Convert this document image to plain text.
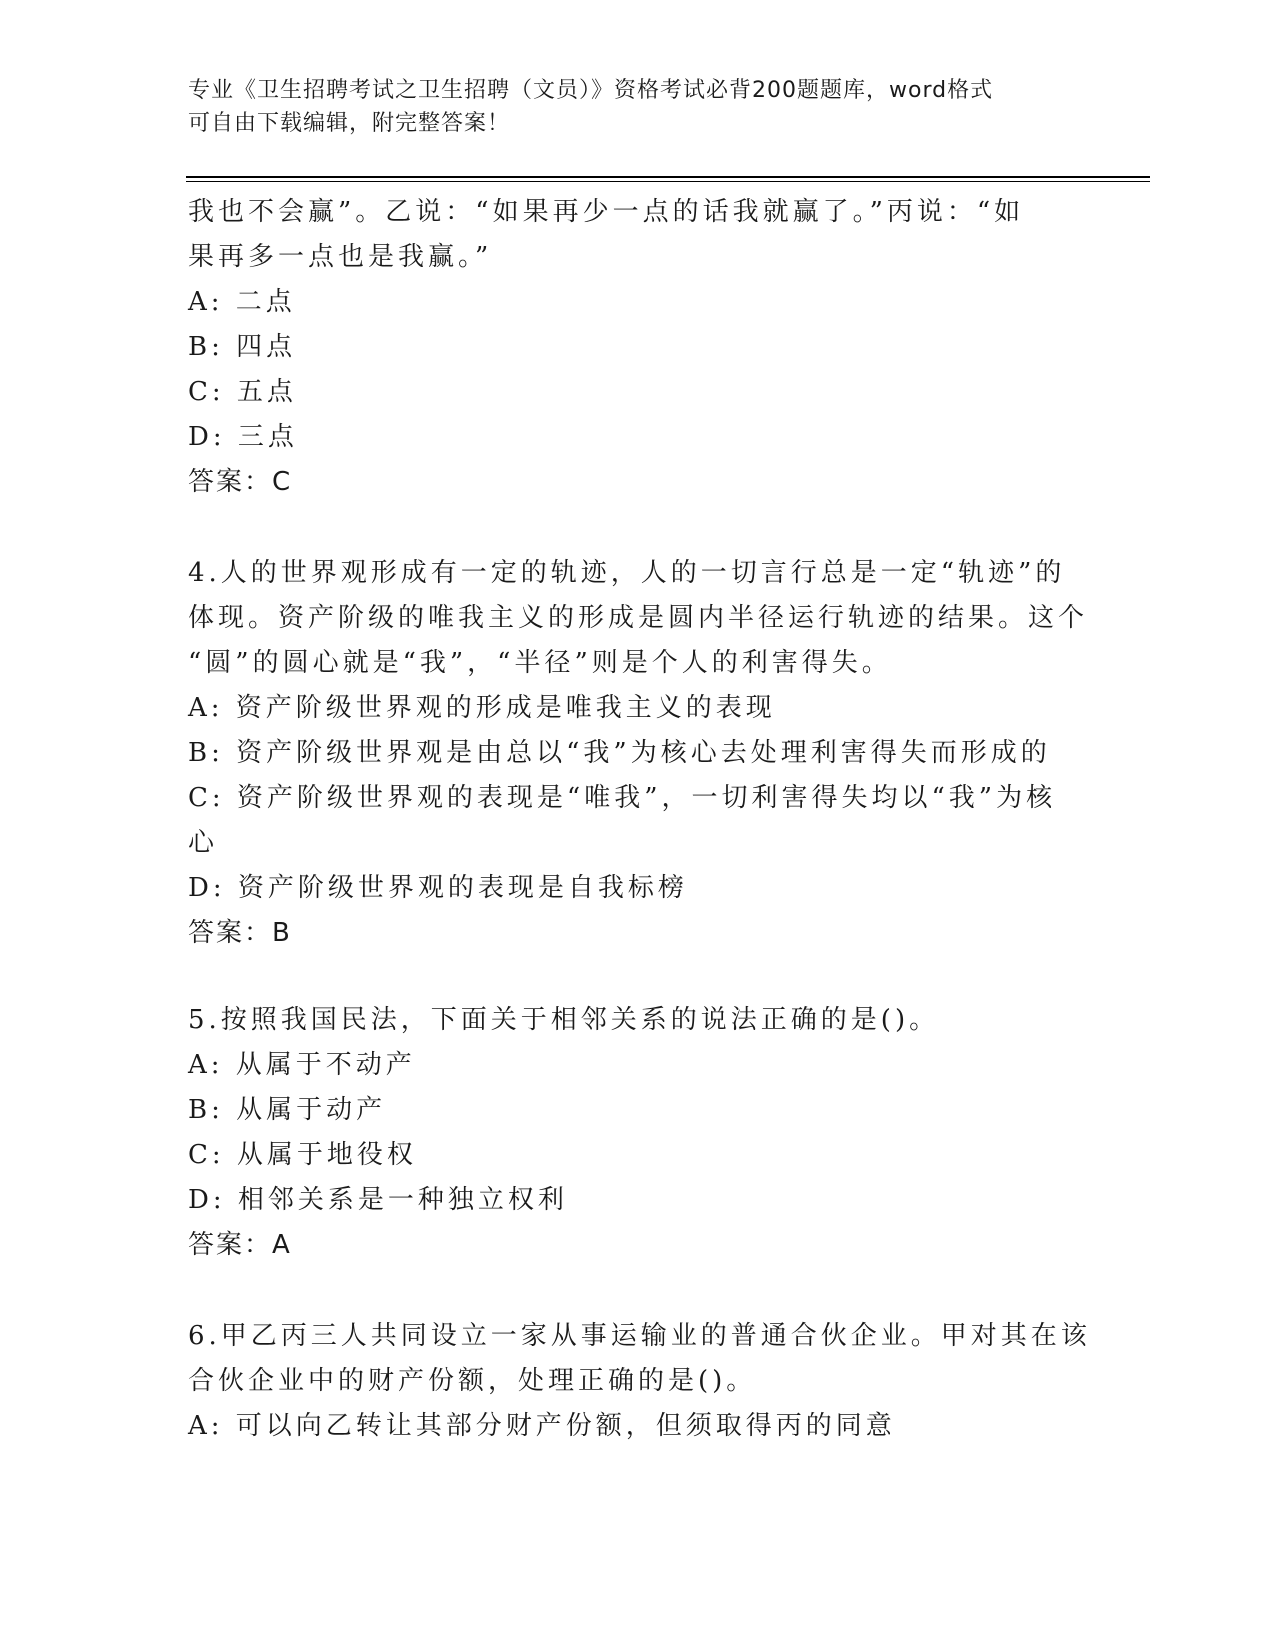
专业《卫生招聘考试之卫生招聘（文员）》资格考试必背200题题库，word格式
可自由下载编辑，附完整答案！
我也不会赢”。乙说：“如果再少一点的话我就赢了。”丙说：“如
果再多一点也是我赢。”
A: 二点
B: 四点
C: 五点
D: 三点
答案：C
4.人的世界观形成有一定的轨迹，人的一切言行总是一定“轨迹”的
体现。资产阶级的唯我主义的形成是圆内半径运行轨迹的结果。这个
“圆”的圆心就是“我”，“半径”则是个人的利害得失。
A: 资产阶级世界观的形成是唯我主义的表现
B: 资产阶级世界观是由总以“我”为核心去处理利害得失而形成的
C: 资产阶级世界观的表现是“唯我”，一切利害得失均以“我”为核
心
D: 资产阶级世界观的表现是自我标榜
答案：B
5.按照我国民法，下面关于相邻关系的说法正确的是()。
A: 从属于不动产
B: 从属于动产
C: 从属于地役权
D: 相邻关系是一种独立权利
答案：A
6.甲乙丙三人共同设立一家从事运输业的普通合伙企业。甲对其在该
合伙企业中的财产份额，处理正确的是()。
A: 可以向乙转让其部分财产份额，但须取得丙的同意
